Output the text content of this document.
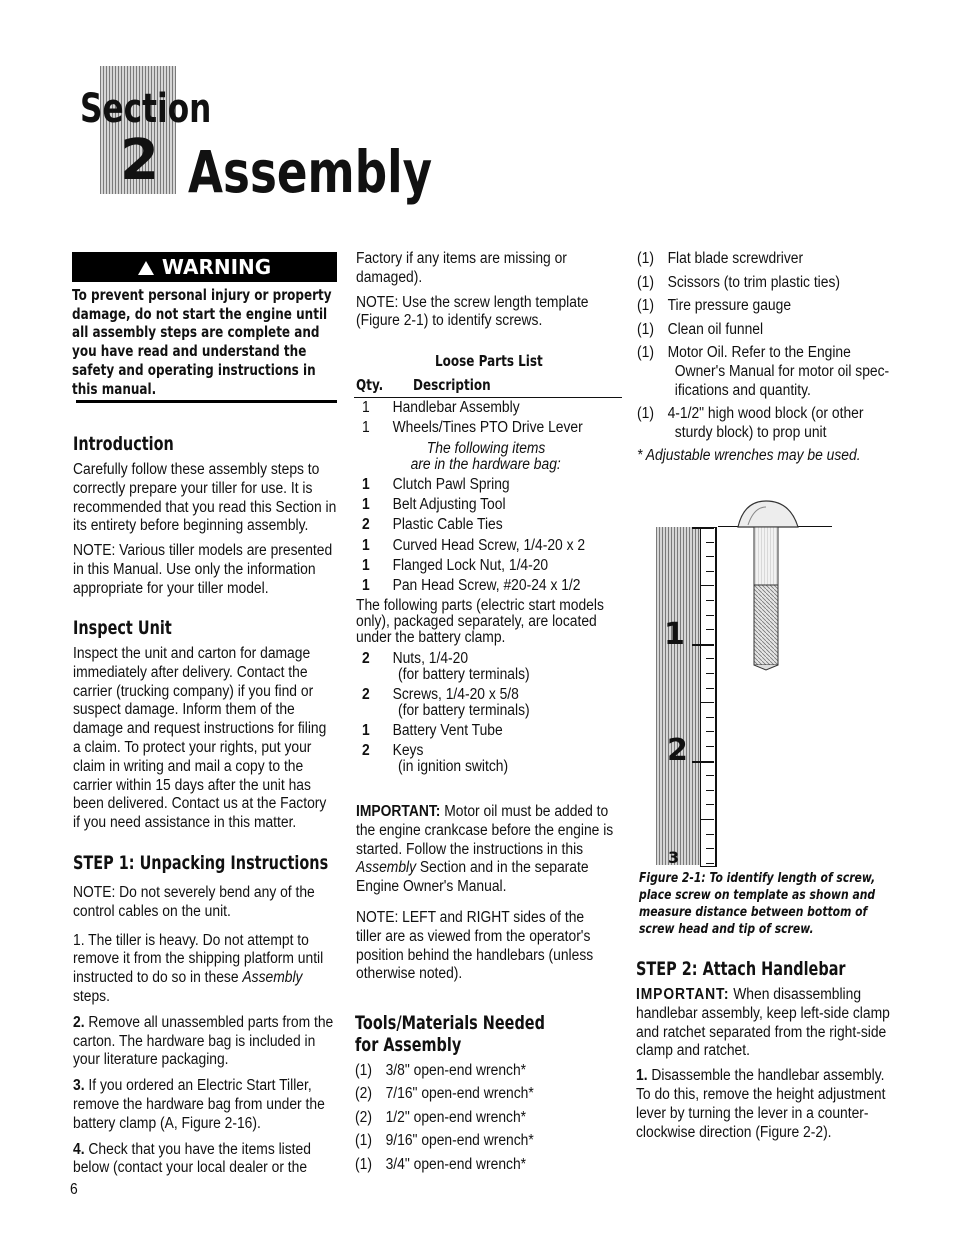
Section
2 Assembly
WARNING
To prevent personal injury or property damage, do not start the engine until all assembly steps are complete and you have read and understand the safety and operating instructions in this manual.
Introduction

Carefully follow these assembly steps to correctly prepare your tiller for use. It is recommended that you read this Section in its entirety before beginning assembly.

NOTE: Various tiller models are presented in this Manual. Use only the information appropriate for your tiller model.

Inspect Unit

Inspect the unit and carton for damage immediately after delivery. Contact the carrier (trucking company) if you find or suspect damage. Inform them of the damage and request instructions for filing a claim. To protect your rights, put your claim in writing and mail a copy to the carrier within 15 days after the unit has been delivered. Contact us at the Factory if you need assistance in this matter.

STEP 1: Unpacking Instructions

NOTE: Do not severely bend any of the control cables on the unit.

1. The tiller is heavy. Do not attempt to remove it from the shipping platform until instructed to do so in these Assembly steps.

2. Remove all unassembled parts from the carton. The hardware bag is included in your literature packaging.

3. If you ordered an Electric Start Tiller, remove the hardware bag from under the battery clamp (A, Figure 2-16).

4. Check that you have the items listed below (contact your local dealer or the

6

Factory if any items are missing or damaged).

NOTE: Use the screw length template (Figure 2-1) to identify screws.

Loose Parts List
Qty. Description
1 Handlebar Assembly
1 Wheels/Tines PTO Drive Lever
The following items
are in the hardware bag:
1 Clutch Pawl Spring
1 Belt Adjusting Tool
2 Plastic Cable Ties
1 Curved Head Screw, 1/4-20 x 2
1 Flanged Lock Nut, 1/4-20
1 Pan Head Screw, #20-24 x 1/2
The following parts (electric start models only), packaged separately, are located under the battery clamp.
2 Nuts, 1/4-20
(for battery terminals)
2 Screws, 1/4-20 x 5/8
(for battery terminals)
1 Battery Vent Tube
2 Keys
(in ignition switch)

IMPORTANT: Motor oil must be added to the engine crankcase before the engine is started. Follow the instructions in this Assembly Section and in the separate Engine Owner's Manual.

NOTE: LEFT and RIGHT sides of the tiller are as viewed from the operator's position behind the handlebars (unless otherwise noted).
Tools/Materials Needed
for Assembly
(1) 3/8" open-end wrench*
(2) 7/16" open-end wrench*
(2) 1/2" open-end wrench*
(1) 9/16" open-end wrench*
(1) 3/4" open-end wrench*
(1) Flat blade screwdriver
(1) Scissors (to trim plastic ties)
(1) Tire pressure gauge
(1) Clean oil funnel
(1) Motor Oil. Refer to the Engine
Owner's Manual for motor oil spec-
ifications and quantity.
(1) 4-1/2" high wood block (or other
sturdy block) to prop unit
* Adjustable wrenches may be used.
1
2
3
Figure 2-1: To identify length of screw, place screw on template as shown and measure distance between bottom of screw head and tip of screw.
STEP 2: Attach Handlebar

IMPORTANT: When disassembling handlebar assembly, keep left-side clamp and ratchet separated from the right-side clamp and ratchet.

1. Disassemble the handlebar assembly. To do this, remove the height adjustment lever by turning the lever in a counter-clockwise direction (Figure 2-2).
